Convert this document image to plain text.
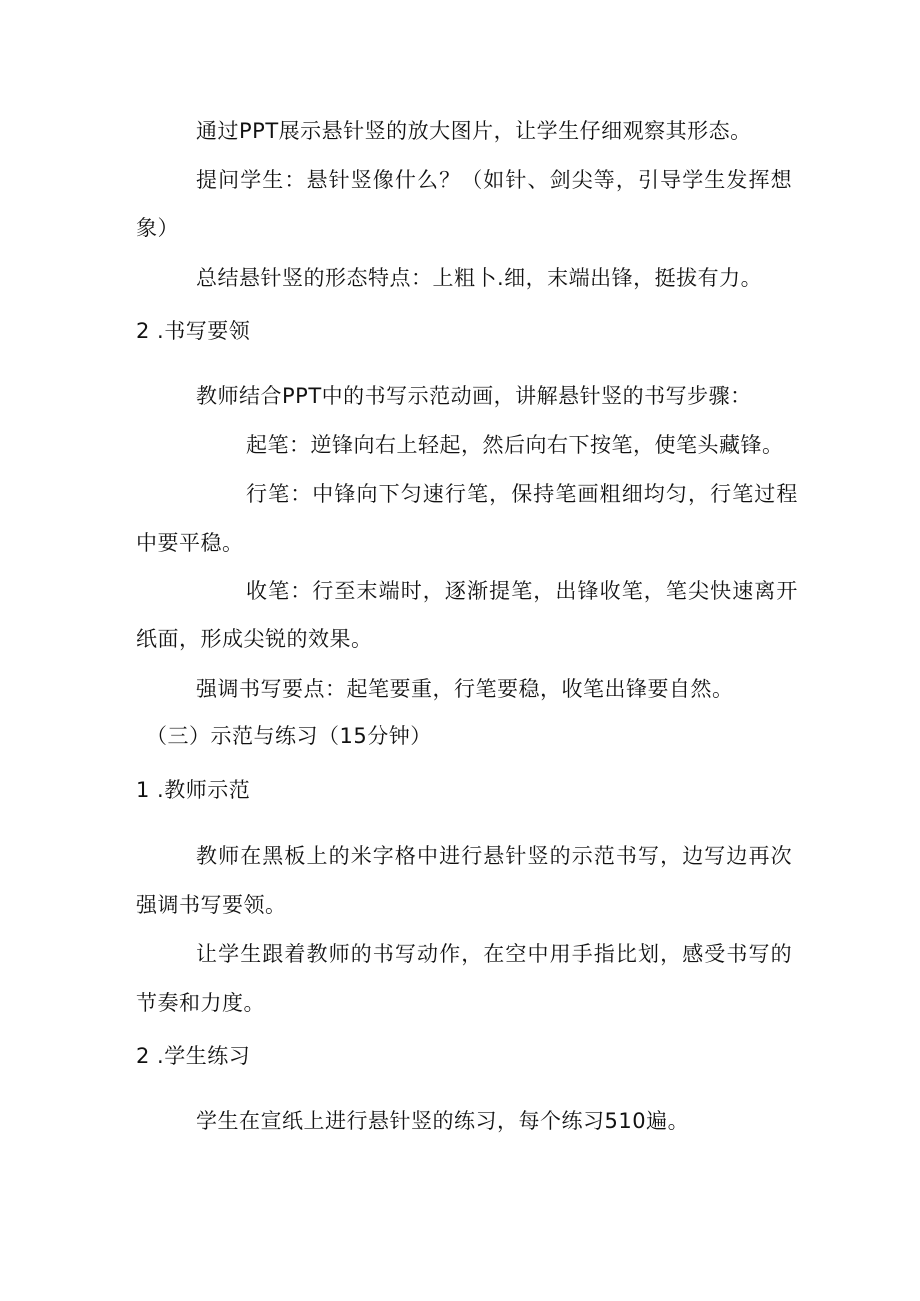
通过PPT展示悬针竖的放大图片，让学生仔细观察其形态。
提问学生：悬针竖像什么？（如针、剑尖等，引导学生发挥想
象）
总结悬针竖的形态特点：上粗卜.细，末端出锋，挺拔有力。
2 .书写要领
教师结合PPT中的书写示范动画，讲解悬针竖的书写步骤：
起笔：逆锋向右上轻起，然后向右下按笔，使笔头藏锋。
行笔：中锋向下匀速行笔，保持笔画粗细均匀，行笔过程
中要平稳。
收笔：行至末端时，逐渐提笔，出锋收笔，笔尖快速离开
纸面，形成尖锐的效果。
强调书写要点：起笔要重，行笔要稳，收笔出锋要自然。
（三）示范与练习（15分钟）
1 .教师示范
教师在黑板上的米字格中进行悬针竖的示范书写，边写边再次
强调书写要领。
让学生跟着教师的书写动作，在空中用手指比划，感受书写的
节奏和力度。
2 .学生练习
学生在宣纸上进行悬针竖的练习，每个练习510遍。
